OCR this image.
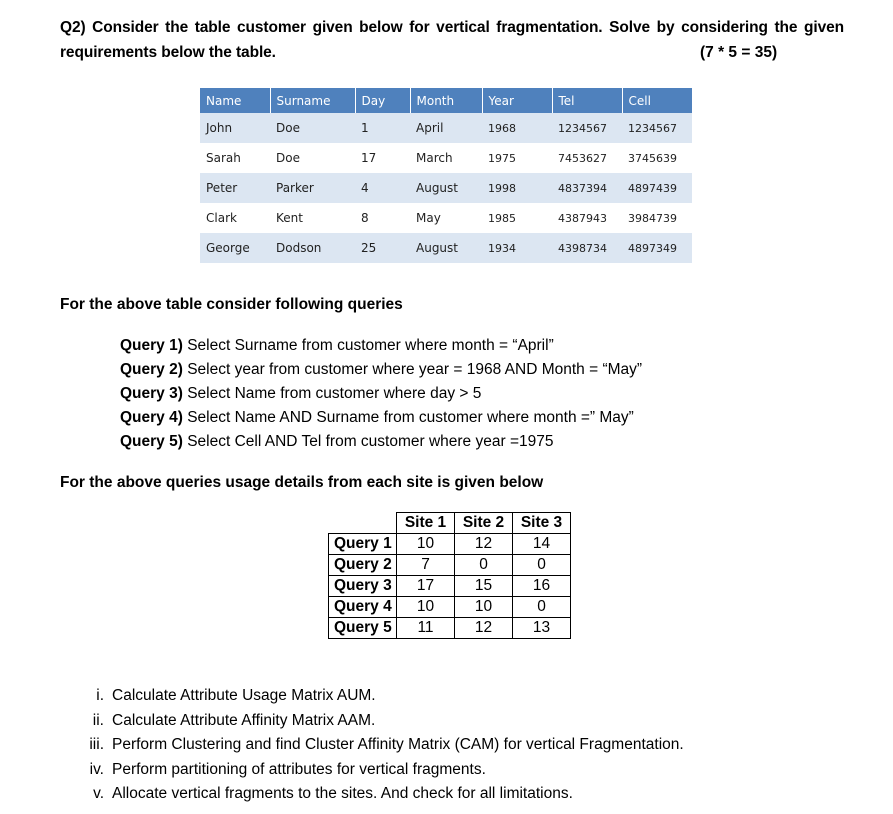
Q2) Consider the table customer given below for vertical fragmentation. Solve by considering the given
requirements below the table.	(7 * 5 = 35)
Name	Surname	Day	Month	Year	Tel	Cell
John	Doe	1	April	1968	1234567	1234567
Sarah	Doe	17	March	1975	7453627	3745639
Peter	Parker	4	August	1998	4837394	4897439
Clark	Kent	8	May	1985	4387943	3984739
George	Dodson	25	August	1934	4398734	4897349
For the above table consider following queries
Query 1) Select Surname from customer where month = “April”
Query 2) Select year from customer where year = 1968 AND Month = “May”
Query 3) Select Name from customer where day > 5
Query 4) Select Name AND Surname from customer where month =” May”
Query 5) Select Cell AND Tel from customer where year =1975
For the above queries usage details from each site is given below
	Site 1	Site 2	Site 3
Query 1	10	12	14
Query 2	7	0	0
Query 3	17	15	16
Query 4	10	10	0
Query 5	11	12	13
i. Calculate Attribute Usage Matrix AUM.
ii. Calculate Attribute Affinity Matrix AAM.
iii. Perform Clustering and find Cluster Affinity Matrix (CAM) for vertical Fragmentation.
iv. Perform partitioning of attributes for vertical fragments.
v. Allocate vertical fragments to the sites. And check for all limitations.
